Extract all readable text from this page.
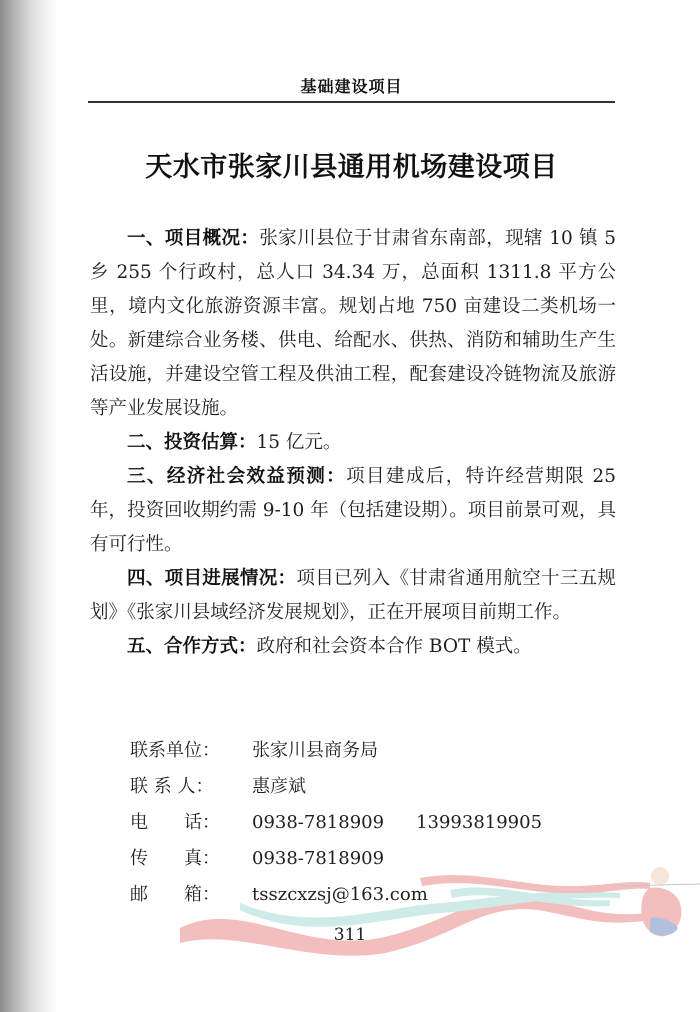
基础建设项目
天水市张家川县通用机场建设项目

一、项目概况：张家川县位于甘肃省东南部，现辖 10 镇 5 乡 255 个行政村，总人口 34.34 万，总面积 1311.8 平方公里，境内文化旅游资源丰富。规划占地 750 亩建设二类机场一处。新建综合业务楼、供电、给配水、供热、消防和辅助生产生活设施，并建设空管工程及供油工程，配套建设冷链物流及旅游等产业发展设施。

二、投资估算：15 亿元。

三、经济社会效益预测：项目建成后，特许经营期限 25 年，投资回收期约需 9-10 年（包括建设期）。项目前景可观，具有可行性。

四、项目进展情况：项目已列入《甘肃省通用航空十三五规划》《张家川县域经济发展规划》，正在开展项目前期工作。

五、合作方式：政府和社会资本合作 BOT 模式。

联系单位：	张家川县商务局
联 系 人：	惠彦斌
电　　话：	0938-7818909 13993819905
传　　真：	0938-7818909
邮　　箱：	tsszcxzsj@163.com
311
